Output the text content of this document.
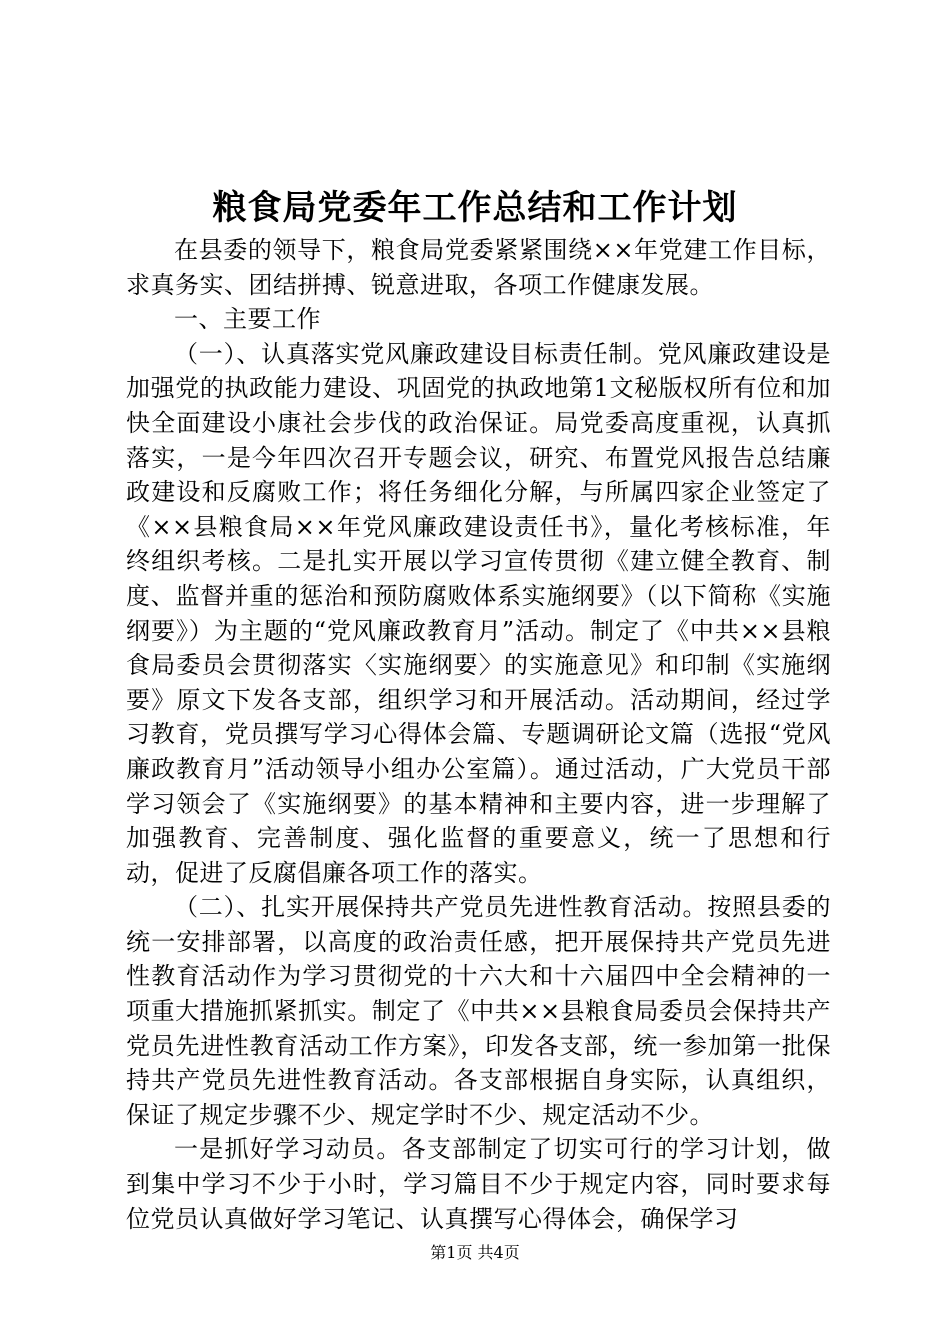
粮食局党委年工作总结和工作计划

在县委的领导下，粮食局党委紧紧围绕××年党建工作目标，求真务实、团结拼搏、锐意进取，各项工作健康发展。

一、主要工作

（一）、认真落实党风廉政建设目标责任制。党风廉政建设是加强党的执政能力建设、巩固党的执政地第1文秘版权所有位和加快全面建设小康社会步伐的政治保证。局党委高度重视，认真抓落实，一是今年四次召开专题会议，研究、布置党风报告总结廉政建设和反腐败工作；将任务细化分解，与所属四家企业签定了《××县粮食局××年党风廉政建设责任书》，量化考核标准，年终组织考核。二是扎实开展以学习宣传贯彻《建立健全教育、制度、监督并重的惩治和预防腐败体系实施纲要》（以下简称《实施纲要》）为主题的“党风廉政教育月”活动。制定了《中共××县粮食局委员会贯彻落实〈实施纲要〉的实施意见》和印制《实施纲要》原文下发各支部，组织学习和开展活动。活动期间，经过学习教育，党员撰写学习心得体会篇、专题调研论文篇（选报“党风廉政教育月”活动领导小组办公室篇）。通过活动，广大党员干部学习领会了《实施纲要》的基本精神和主要内容，进一步理解了加强教育、完善制度、强化监督的重要意义，统一了思想和行动，促进了反腐倡廉各项工作的落实。

（二）、扎实开展保持共产党员先进性教育活动。按照县委的统一安排部署，以高度的政治责任感，把开展保持共产党员先进性教育活动作为学习贯彻党的十六大和十六届四中全会精神的一项重大措施抓紧抓实。制定了《中共××县粮食局委员会保持共产党员先进性教育活动工作方案》，印发各支部，统一参加第一批保持共产党员先进性教育活动。各支部根据自身实际，认真组织，保证了规定步骤不少、规定学时不少、规定活动不少。

一是抓好学习动员。各支部制定了切实可行的学习计划，做到集中学习不少于小时，学习篇目不少于规定内容，同时要求每位党员认真做好学习笔记、认真撰写心得体会，确保学习

第1页 共4页
